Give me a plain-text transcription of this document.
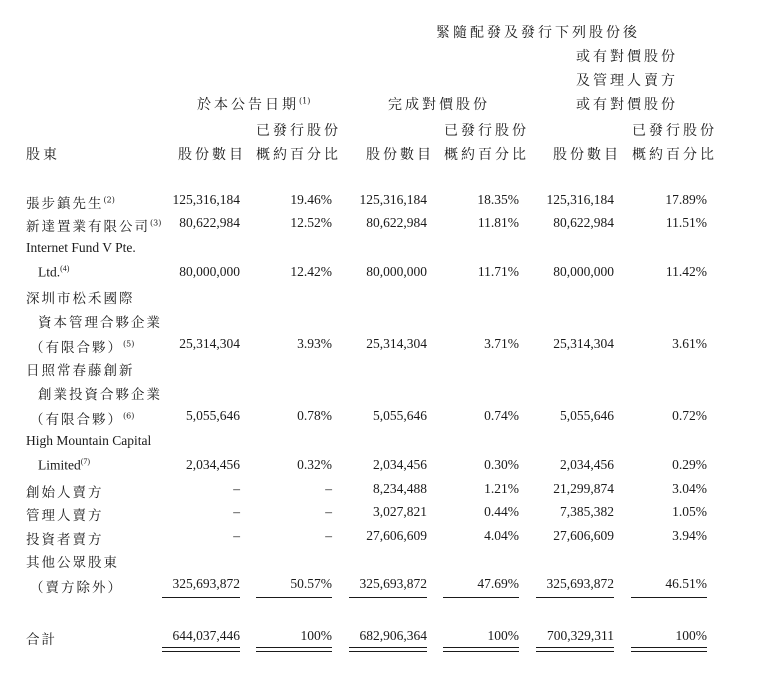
緊隨配發及發行下列股份後
或有對價股份
及管理人賣方
或有對價股份
於本公告日期$^{(1)}$	完成對價股份
股東	股份數目
已發行股份
概約百分比 股份數目
已發行股份
概約百分比 股份數目
已發行股份
概約百分比
張步鎮先生$^{(2)}$	125,316,184	19.46% 125,316,184	18.35% 125,316,184	17.89%
新達置業有限公司$^{(3)}$ 80,622,984	12.52%	80,622,984	11.81%	80,622,984	11.51%
Internet Fund V Pte.
Ltd.$^{(4)}$	80,000,000	12.42%	80,000,000	11.71%	80,000,000	11.42%
深圳市松禾國際
資本管理合夥企業
（有限合夥）$^{(5)}$	25,314,304	3.93%	25,314,304	3.71%	25,314,304	3.61%
日照常春藤創新
創業投資合夥企業
（有限合夥）$^{(6)}$	5,055,646	0.78%	5,055,646	0.74%	5,055,646	0.72%
High Mountain Capital
Limited$^{(7)}$	2,034,456	0.32%	2,034,456	0.30%	2,034,456	0.29%
創始人賣方	–	–	8,234,488	1.21%	21,299,874	3.04%
管理人賣方	–	–	3,027,821	0.44%	7,385,382	1.05%
投資者賣方	–	–	27,606,609	4.04%	27,606,609	3.94%
其他公眾股東
（賣方除外）	325,693,872	50.57% 325,693,872	47.69% 325,693,872	46.51%
合計	644,037,446	100% 682,906,364	100% 700,329,311	100%
